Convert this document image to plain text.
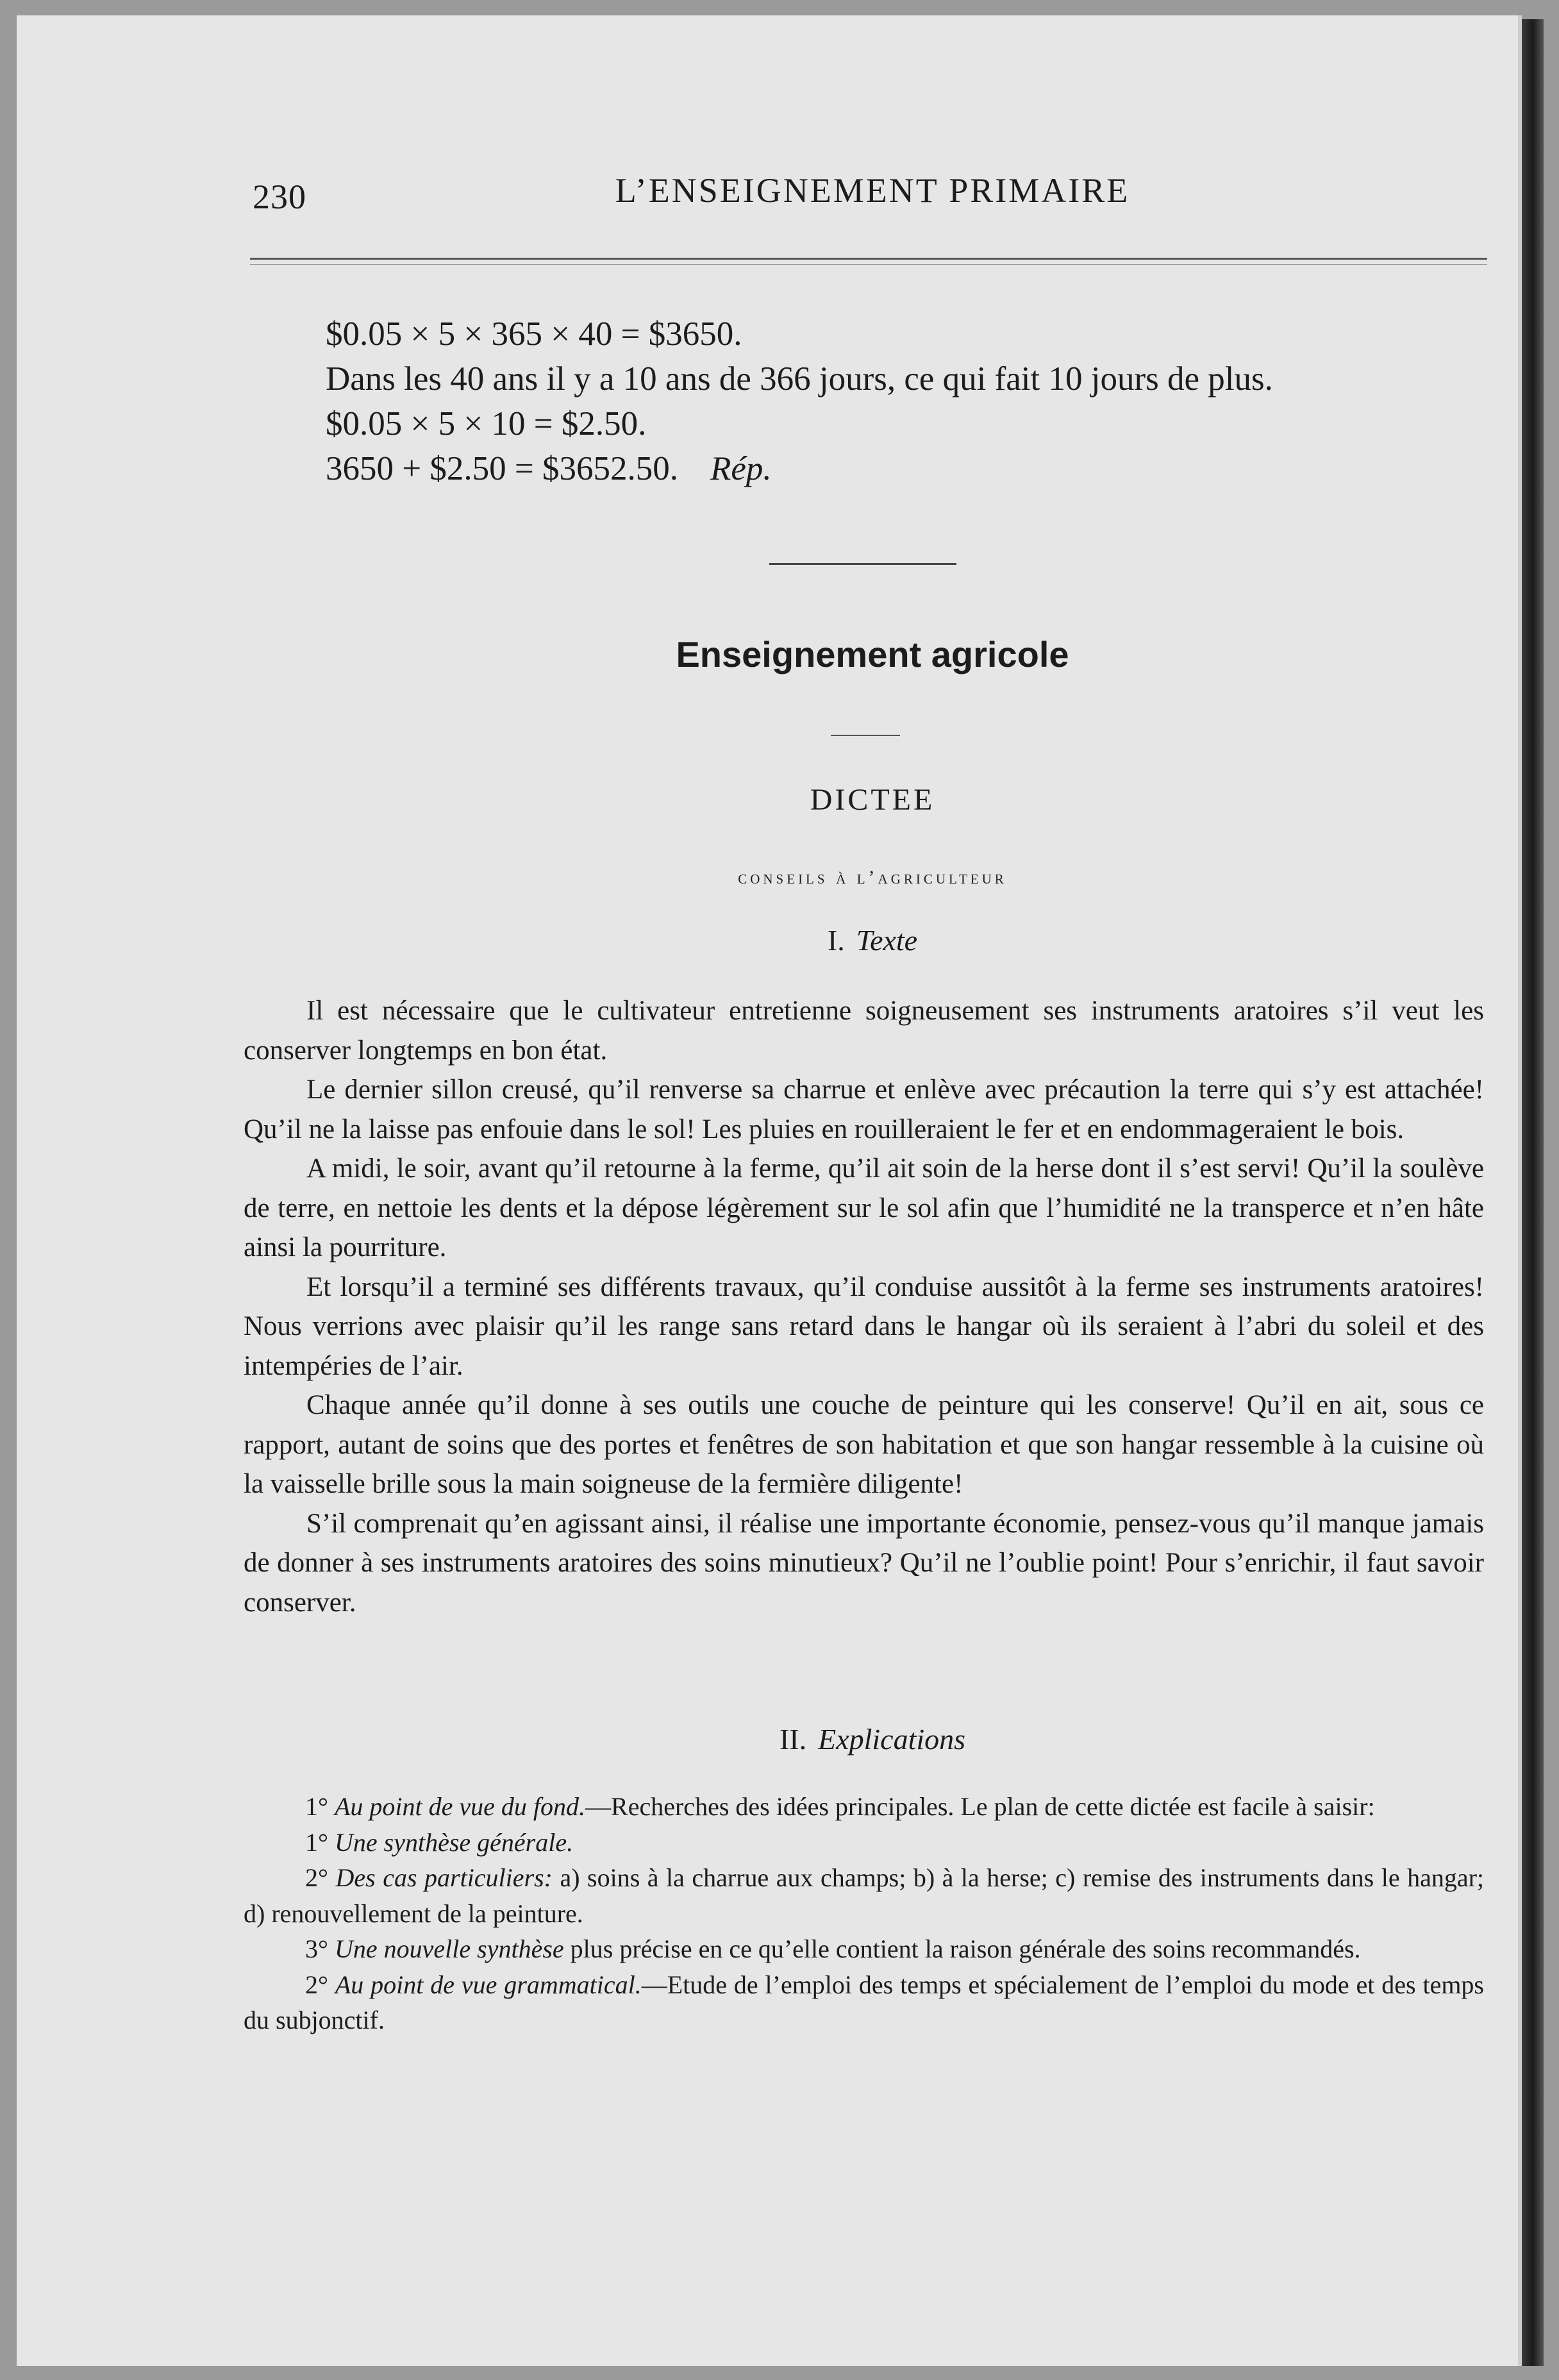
230	L’ENSEIGNEMENT PRIMAIRE
$0.05 × 5 × 365 × 40 = $3650.
Dans les 40 ans il y a 10 ans de 366 jours, ce qui fait 10 jours de plus.
$0.05 × 5 × 10 = $2.50.
3650 + $2.50 = $3652.50. Rép.
Enseignement agricole
DICTEE
conseils à l’agriculteur
I. Texte

Il est nécessaire que le cultivateur entretienne soigneusement ses instruments aratoires s’il veut les conserver longtemps en bon état.

Le dernier sillon creusé, qu’il renverse sa charrue et enlève avec précaution la terre qui s’y est attachée! Qu’il ne la laisse pas enfouie dans le sol! Les pluies en rouilleraient le fer et en endommageraient le bois.

A midi, le soir, avant qu’il retourne à la ferme, qu’il ait soin de la herse dont il s’est servi! Qu’il la soulève de terre, en nettoie les dents et la dépose légèrement sur le sol afin que l’humidité ne la transperce et n’en hâte ainsi la pourriture.

Et lorsqu’il a terminé ses différents travaux, qu’il conduise aussitôt à la ferme ses instruments aratoires! Nous verrions avec plaisir qu’il les range sans retard dans le hangar où ils seraient à l’abri du soleil et des intempéries de l’air.

Chaque année qu’il donne à ses outils une couche de peinture qui les conserve! Qu’il en ait, sous ce rapport, autant de soins que des portes et fenêtres de son habitation et que son hangar ressemble à la cuisine où la vaisselle brille sous la main soigneuse de la fermière diligente!

S’il comprenait qu’en agissant ainsi, il réalise une importante économie, pensez-vous qu’il manque jamais de donner à ses instruments aratoires des soins minutieux? Qu’il ne l’oublie point! Pour s’enrichir, il faut savoir conserver.

II. Explications

1° Au point de vue du fond.—Recherches des idées principales. Le plan de cette dictée est facile à saisir:

1° Une synthèse générale.

2° Des cas particuliers: a) soins à la charrue aux champs; b) à la herse; c) remise des instruments dans le hangar; d) renouvellement de la peinture.

3° Une nouvelle synthèse plus précise en ce qu’elle contient la raison générale des soins recommandés.

2° Au point de vue grammatical.—Etude de l’emploi des temps et spécialement de l’emploi du mode et des temps du subjonctif.
